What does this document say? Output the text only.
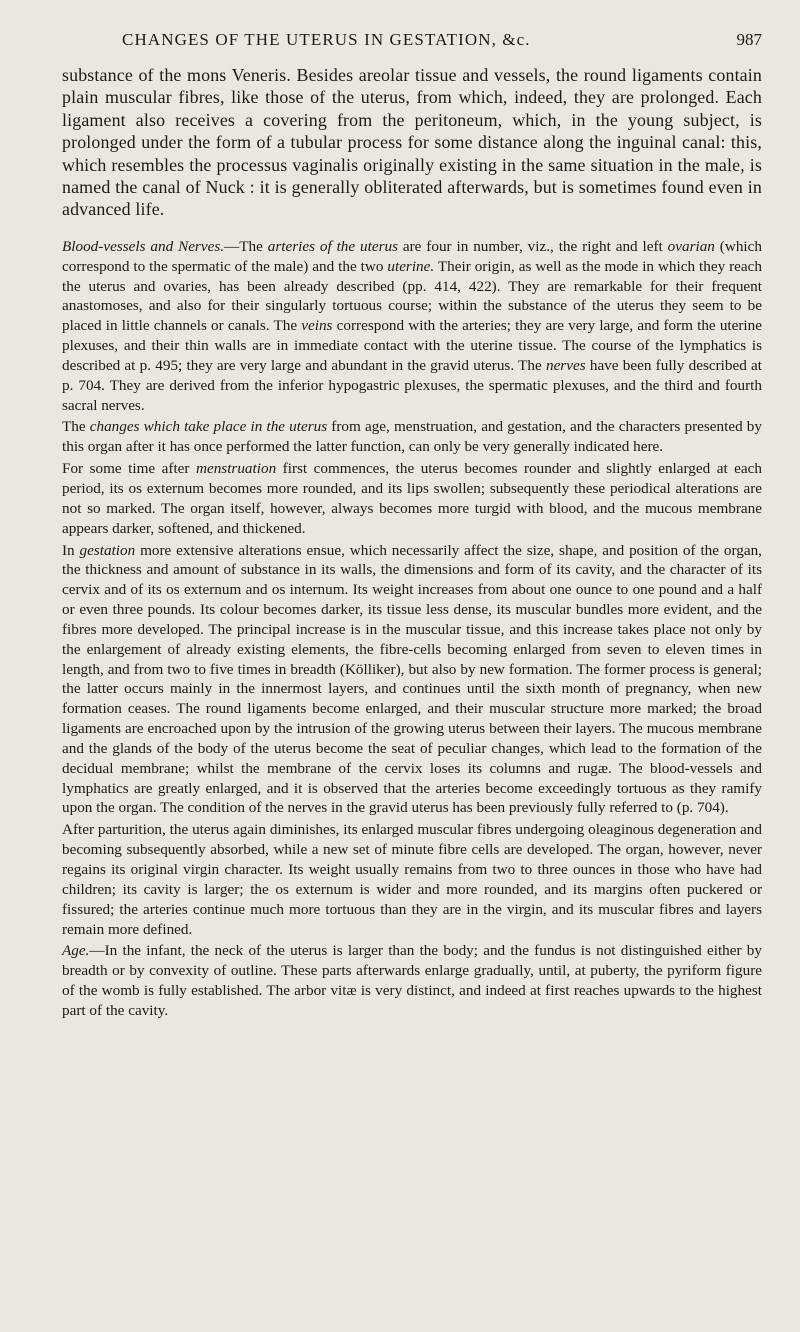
CHANGES OF THE UTERUS IN GESTATION, &c.	987

substance of the mons Veneris. Besides areolar tissue and vessels, the round ligaments contain plain muscular fibres, like those of the uterus, from which, indeed, they are prolonged. Each ligament also receives a covering from the peritoneum, which, in the young subject, is prolonged under the form of a tubular process for some distance along the inguinal canal: this, which resembles the processus vaginalis originally existing in the same situation in the male, is named the canal of Nuck : it is generally obliterated afterwards, but is sometimes found even in advanced life.

Blood-vessels and Nerves.—The arteries of the uterus are four in number, viz., the right and left ovarian (which correspond to the spermatic of the male) and the two uterine. Their origin, as well as the mode in which they reach the uterus and ovaries, has been already described (pp. 414, 422). They are remarkable for their frequent anastomoses, and also for their singularly tortuous course; within the substance of the uterus they seem to be placed in little channels or canals. The veins correspond with the arteries; they are very large, and form the uterine plexuses, and their thin walls are in immediate contact with the uterine tissue. The course of the lymphatics is described at p. 495; they are very large and abundant in the gravid uterus. The nerves have been fully described at p. 704. They are derived from the inferior hypogastric plexuses, the spermatic plexuses, and the third and fourth sacral nerves.

The changes which take place in the uterus from age, menstruation, and gestation, and the characters presented by this organ after it has once performed the latter function, can only be very generally indicated here.

For some time after menstruation first commences, the uterus becomes rounder and slightly enlarged at each period, its os externum becomes more rounded, and its lips swollen; subsequently these periodical alterations are not so marked. The organ itself, however, always becomes more turgid with blood, and the mucous membrane appears darker, softened, and thickened.

In gestation more extensive alterations ensue, which necessarily affect the size, shape, and position of the organ, the thickness and amount of substance in its walls, the dimensions and form of its cavity, and the character of its cervix and of its os externum and os internum. Its weight increases from about one ounce to one pound and a half or even three pounds. Its colour becomes darker, its tissue less dense, its muscular bundles more evident, and the fibres more developed. The principal increase is in the muscular tissue, and this increase takes place not only by the enlargement of already existing elements, the fibre-cells becoming enlarged from seven to eleven times in length, and from two to five times in breadth (Kölliker), but also by new formation. The former process is general; the latter occurs mainly in the innermost layers, and continues until the sixth month of pregnancy, when new formation ceases. The round ligaments become enlarged, and their muscular structure more marked; the broad ligaments are encroached upon by the intrusion of the growing uterus between their layers. The mucous membrane and the glands of the body of the uterus become the seat of peculiar changes, which lead to the formation of the decidual membrane; whilst the membrane of the cervix loses its columns and rugæ. The blood-vessels and lymphatics are greatly enlarged, and it is observed that the arteries become exceedingly tortuous as they ramify upon the organ. The condition of the nerves in the gravid uterus has been previously fully referred to (p. 704).

After parturition, the uterus again diminishes, its enlarged muscular fibres undergoing oleaginous degeneration and becoming subsequently absorbed, while a new set of minute fibre cells are developed. The organ, however, never regains its original virgin character. Its weight usually remains from two to three ounces in those who have had children; its cavity is larger; the os externum is wider and more rounded, and its margins often puckered or fissured; the arteries continue much more tortuous than they are in the virgin, and its muscular fibres and layers remain more defined.

Age.—In the infant, the neck of the uterus is larger than the body; and the fundus is not distinguished either by breadth or by convexity of outline. These parts afterwards enlarge gradually, until, at puberty, the pyriform figure of the womb is fully established. The arbor vitæ is very distinct, and indeed at first reaches upwards to the highest part of the cavity.
